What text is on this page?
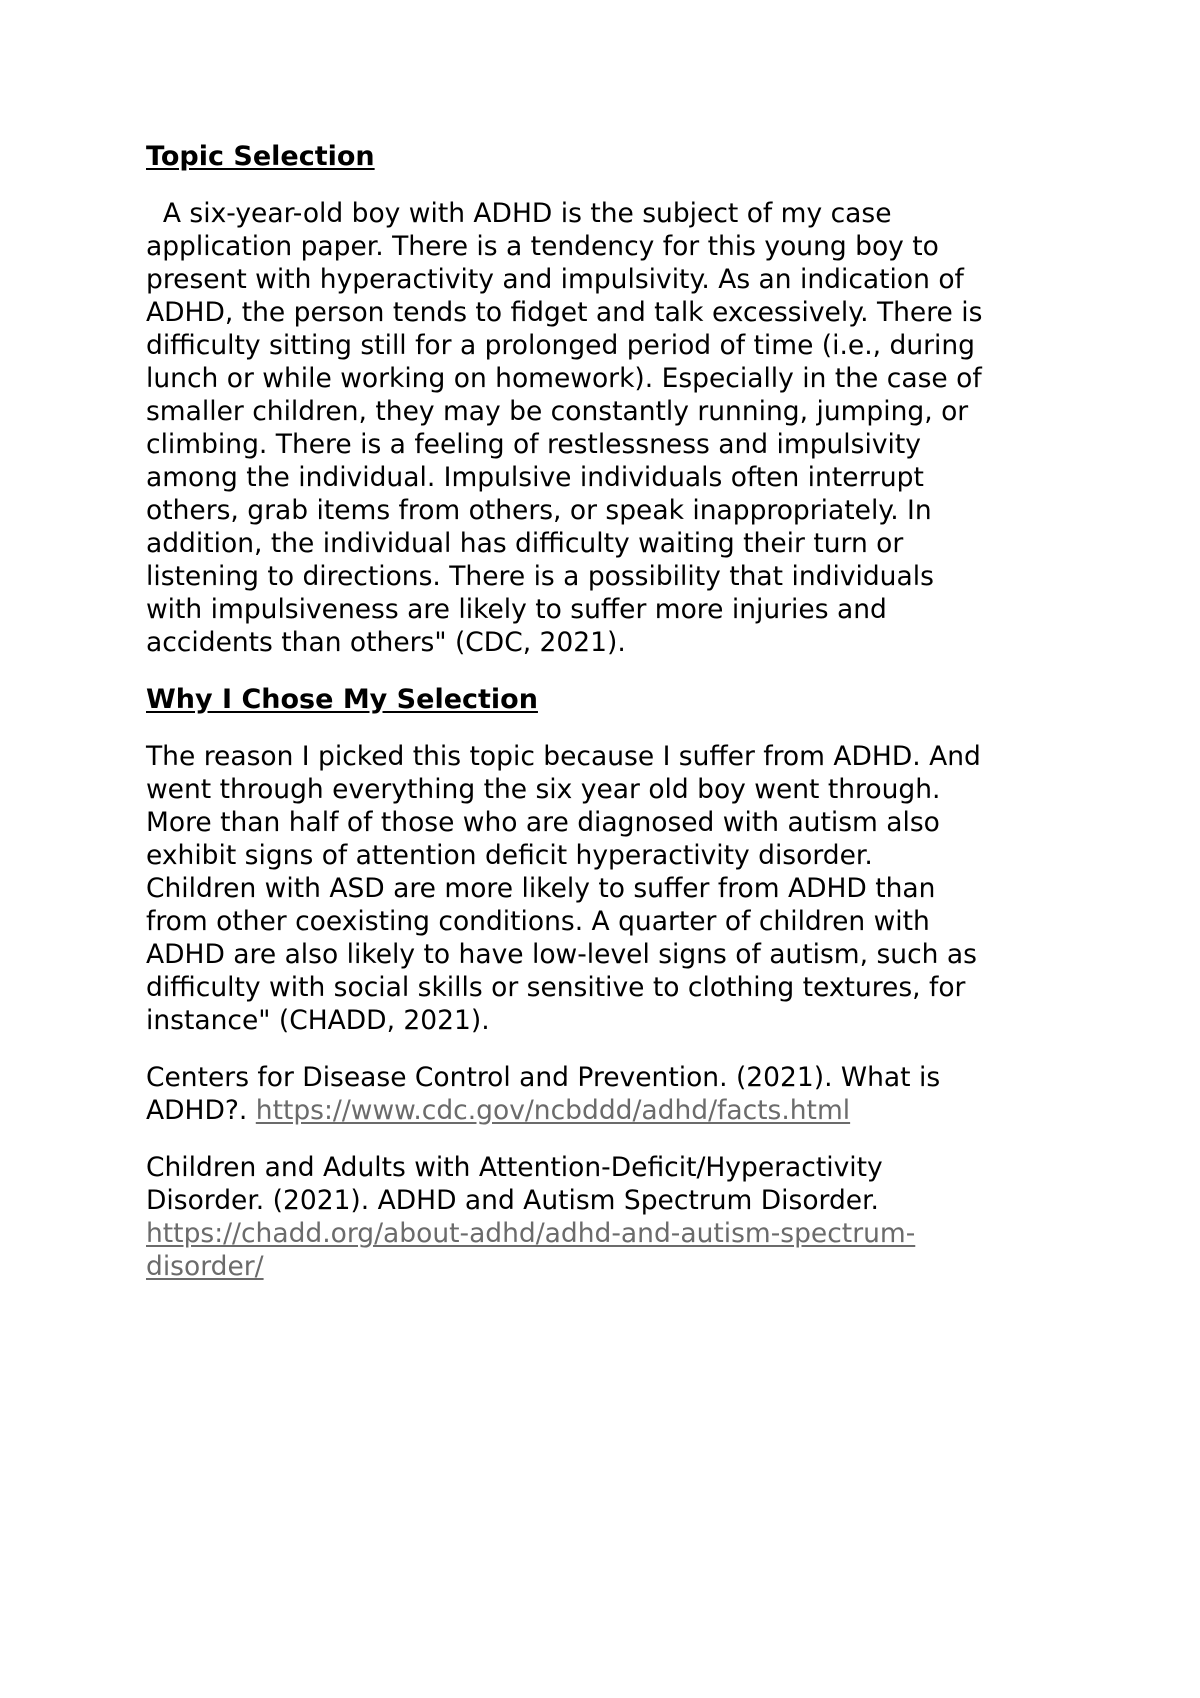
Topic Selection

A six-year-old boy with ADHD is the subject of my case
application paper. There is a tendency for this young boy to
present with hyperactivity and impulsivity. As an indication of
ADHD, the person tends to fidget and talk excessively. There is
difficulty sitting still for a prolonged period of time (i.e., during
lunch or while working on homework). Especially in the case of
smaller children, they may be constantly running, jumping, or
climbing. There is a feeling of restlessness and impulsivity
among the individual. Impulsive individuals often interrupt
others, grab items from others, or speak inappropriately. In
addition, the individual has difficulty waiting their turn or
listening to directions. There is a possibility that individuals
with impulsiveness are likely to suffer more injuries and
accidents than others" (CDC, 2021).

Why I Chose My Selection

The reason I picked this topic because I suffer from ADHD. And
went through everything the six year old boy went through.
More than half of those who are diagnosed with autism also
exhibit signs of attention deficit hyperactivity disorder.
Children with ASD are more likely to suffer from ADHD than
from other coexisting conditions. A quarter of children with
ADHD are also likely to have low-level signs of autism, such as
difficulty with social skills or sensitive to clothing textures, for
instance" (CHADD, 2021).

Centers for Disease Control and Prevention. (2021). What is
ADHD?. https://www.cdc.gov/ncbddd/adhd/facts.html

Children and Adults with Attention-Deficit/Hyperactivity
Disorder. (2021). ADHD and Autism Spectrum Disorder.
https://chadd.org/about-adhd/adhd-and-autism-spectrum-
disorder/
